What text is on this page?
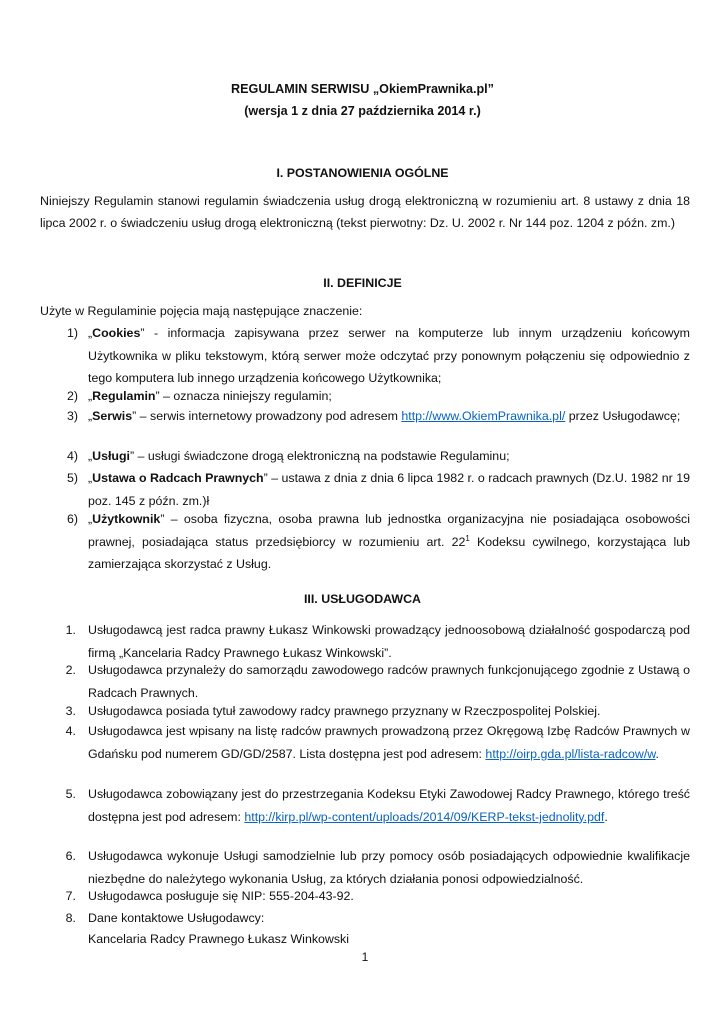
REGULAMIN SERWISU „OkiemPrawnika.pl”
(wersja 1 z dnia 27 października 2014 r.)
I. POSTANOWIENIA OGÓLNE
Niniejszy Regulamin stanowi regulamin świadczenia usług drogą elektroniczną w rozumieniu art. 8 ustawy z dnia 18 lipca 2002 r. o świadczeniu usług drogą elektroniczną (tekst pierwotny: Dz. U. 2002 r. Nr 144 poz. 1204 z późn. zm.)
II. DEFINICJE
Użyte w Regulaminie pojęcia mają następujące znaczenie:
1) „Cookies” - informacja zapisywana przez serwer na komputerze lub innym urządzeniu końcowym Użytkownika w pliku tekstowym, którą serwer może odczytać przy ponownym połączeniu się odpowiednio z tego komputera lub innego urządzenia końcowego Użytkownika;
2) „Regulamin” – oznacza niniejszy regulamin;
3) „Serwis” – serwis internetowy prowadzony pod adresem http://www.OkiemPrawnika.pl/ przez Usługodawcę;
4) „Usługi” – usługi świadczone drogą elektroniczną na podstawie Regulaminu;
5) „Ustawa o Radcach Prawnych” – ustawa z dnia z dnia 6 lipca 1982 r. o radcach prawnych (Dz.U. 1982 nr 19 poz. 145 z późn. zm.)ł
6) „Użytkownik” – osoba fizyczna, osoba prawna lub jednostka organizacyjna nie posiadająca osobowości prawnej, posiadająca status przedsiębiorcy w rozumieniu art. $22^1$ Kodeksu cywilnego, korzystająca lub zamierzająca skorzystać z Usług.
III. USŁUGODAWCA
1. Usługodawcą jest radca prawny Łukasz Winkowski prowadzący jednoosobową działalność gospodarczą pod firmą „Kancelaria Radcy Prawnego Łukasz Winkowski”.
2. Usługodawca przynależy do samorządu zawodowego radców prawnych funkcjonującego zgodnie z Ustawą o Radcach Prawnych.
3. Usługodawca posiada tytuł zawodowy radcy prawnego przyznany w Rzeczpospolitej Polskiej.
4. Usługodawca jest wpisany na listę radców prawnych prowadzoną przez Okręgową Izbę Radców Prawnych w Gdańsku pod numerem GD/GD/2587. Lista dostępna jest pod adresem: http://oirp.gda.pl/lista-radcow/w.
5. Usługodawca zobowiązany jest do przestrzegania Kodeksu Etyki Zawodowej Radcy Prawnego, którego treść dostępna jest pod adresem: http://kirp.pl/wp-content/uploads/2014/09/KERP-tekst-jednolity.pdf.
6. Usługodawca wykonuje Usługi samodzielnie lub przy pomocy osób posiadających odpowiednie kwalifikacje niezbędne do należytego wykonania Usług, za których działania ponosi odpowiedzialność.
7. Usługodawca posługuje się NIP: 555-204-43-92.
8. Dane kontaktowe Usługodawcy:
Kancelaria Radcy Prawnego Łukasz Winkowski
1
